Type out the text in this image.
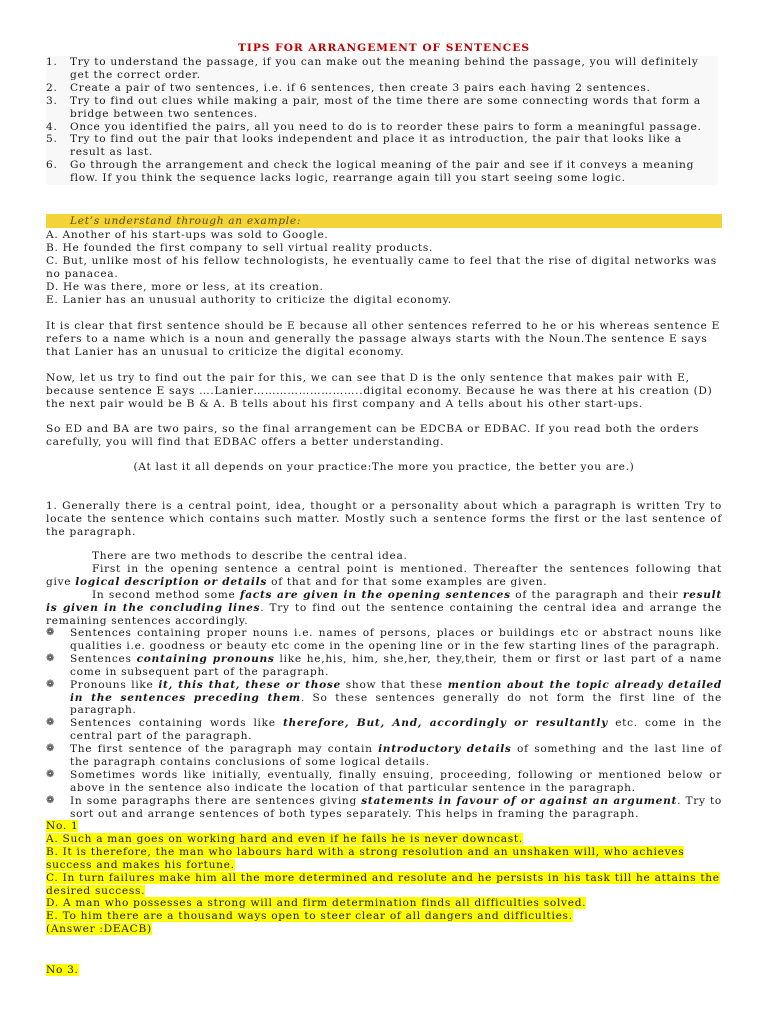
TIPS FOR ARRANGEMENT OF SENTENCES
1.	Try to understand the passage, if you can make out the meaning behind the passage, you will definitely get the correct order.
2.	Create a pair of two sentences, i.e. if 6 sentences, then create 3 pairs each having 2 sentences.
3.	Try to find out clues while making a pair, most of the time there are some connecting words that form a bridge between two sentences.
4.	Once you identified the pairs, all you need to do is to reorder these pairs to form a meaningful passage.
5.	Try to find out the pair that looks independent and place it as introduction, the pair that looks like a result as last.
6.	Go through the arrangement and check the logical meaning of the pair and see if it conveys a meaning flow. If you think the sequence lacks logic, rearrange again till you start seeing some logic.
Let’s understand through an example:

A. Another of his start-ups was sold to Google.

B. He founded the first company to sell virtual reality products.

C. But, unlike most of his fellow technologists, he eventually came to feel that the rise of digital networks was no panacea.

D. He was there, more or less, at its creation.

E. Lanier has an unusual authority to criticize the digital economy.

It is clear that first sentence should be E because all other sentences referred to he or his whereas sentence E refers to a name which is a noun and generally the passage always starts with the Noun.The sentence E says that Lanier has an unusual to criticize the digital economy.

Now, let us try to find out the pair for this, we can see that D is the only sentence that makes pair with E, because sentence E says ….Lanier………………………..digital economy. Because he was there at his creation (D) the next pair would be B & A. B tells about his first company and A tells about his other start-ups.

So ED and BA are two pairs, so the final arrangement can be EDCBA or EDBAC. If you read both the orders carefully, you will find that EDBAC offers a better understanding.

(At last it all depends on your practice:The more you practice, the better you are.)

1. Generally there is a central point, idea, thought or a personality about which a paragraph is written Try to locate the sentence which contains such matter. Mostly such a sentence forms the first or the last sentence of the paragraph.

There are two methods to describe the central idea.

First in the opening sentence a central point is mentioned. Thereafter the sentences following that give logical description or details of that and for that some examples are given.

In second method some facts are given in the opening sentences of the paragraph and their result is given in the concluding lines. Try to find out the sentence containing the central idea and arrange the remaining sentences accordingly.

❁	Sentences containing proper nouns i.e. names of persons, places or buildings etc or abstract nouns like qualities i.e. goodness or beauty etc come in the opening line or in the few starting lines of the paragraph.
❁	Sentences containing pronouns like he,his, him, she,her, they,their, them or first or last part of a name come in subsequent part of the paragraph.
❁	Pronouns like it, this that, these or those show that these mention about the topic already detailed in the sentences preceding them. So these sentences generally do not form the first line of the paragraph.
❁	Sentences containing words like therefore, But, And, accordingly or resultantly etc. come in the central part of the paragraph.
❁	The first sentence of the paragraph may contain introductory details of something and the last line of the paragraph contains conclusions of some logical details.
❁	Sometimes words like initially, eventually, finally ensuing, proceeding, following or mentioned below or above in the sentence also indicate the location of that particular sentence in the paragraph.
❁	In some paragraphs there are sentences giving statements in favour of or against an argument. Try to sort out and arrange sentences of both types separately. This helps in framing the paragraph.
No. 1
A. Such a man goes on working hard and even if he fails he is never downcast.
B. It is therefore, the man who labours hard with a strong resolution and an unshaken will, who achieves success and makes his fortune.
C. In turn failures make him all the more determined and resolute and he persists in his task till he attains the desired success.
D. A man who possesses a strong will and firm determination finds all difficulties solved.
E. To him there are a thousand ways open to steer clear of all dangers and difficulties.
(Answer :DEACB)
No 3.
